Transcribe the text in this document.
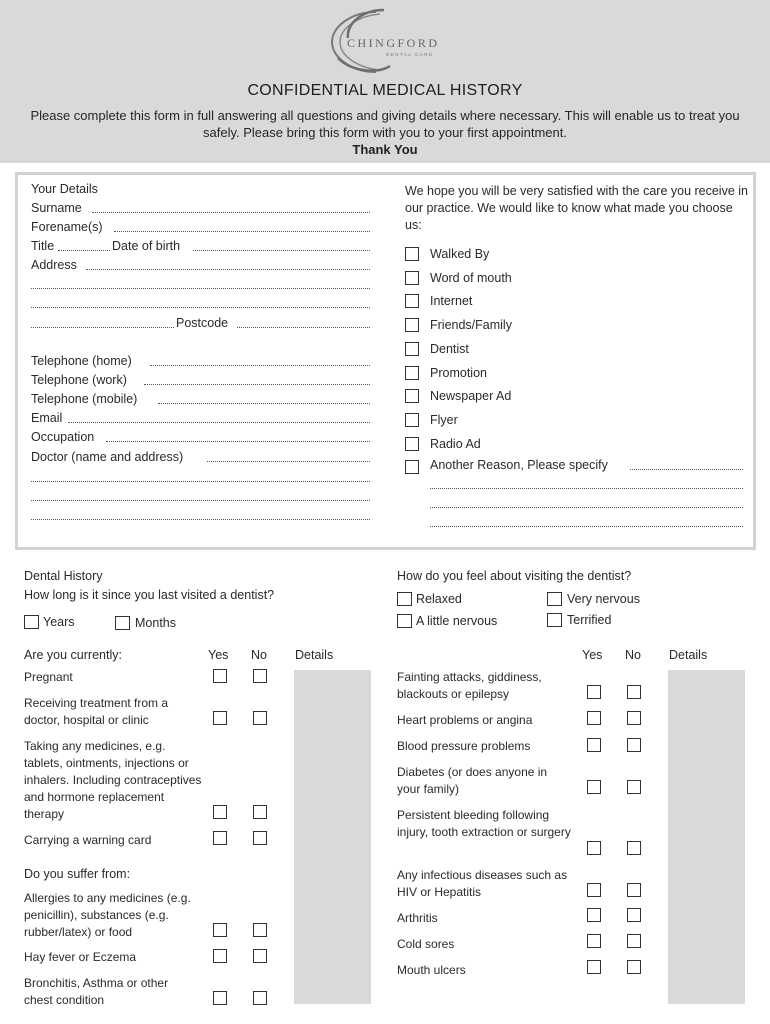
CHINGFORD
DENTAL CARE
CONFIDENTIAL MEDICAL HISTORY
Please complete this form in full answering all questions and giving details where necessary. This will enable us to treat you safely. Please bring this form with you to your first appointment.
Thank You
Your Details
Surname
Forename(s)
Title	Date of birth
Address
Postcode
Telephone (home)
Telephone (work)
Telephone (mobile)
Email
Occupation
Doctor (name and address)
We hope you will be very satisfied with the care you receive in our practice. We would like to know what made you choose us:
Walked By
Word of mouth
Internet
Friends/Family
Dentist
Promotion
Newspaper Ad
Flyer
Radio Ad
Another Reason, Please specify
Dental History
How long is it since you last visited a dentist?
Years	Months
How do you feel about visiting the dentist?
Relaxed	Very nervous
A little nervous	Terrified
Are you currently:	Yes No Details
Pregnant
Receiving treatment from a doctor, hospital or clinic
Taking any medicines, e.g. tablets, ointments, injections or inhalers. Including contraceptives and hormone replacement therapy
Carrying a warning card
Do you suffer from:
Allergies to any medicines (e.g. penicillin), substances (e.g. rubber/latex) or food
Hay fever or Eczema
Bronchitis, Asthma or other chest condition
Yes No Details
Fainting attacks, giddiness, blackouts or epilepsy
Heart problems or angina
Blood pressure problems
Diabetes (or does anyone in your family)
Persistent bleeding following injury, tooth extraction or surgery
Any infectious diseases such as HIV or Hepatitis
Arthritis
Cold sores
Mouth ulcers
